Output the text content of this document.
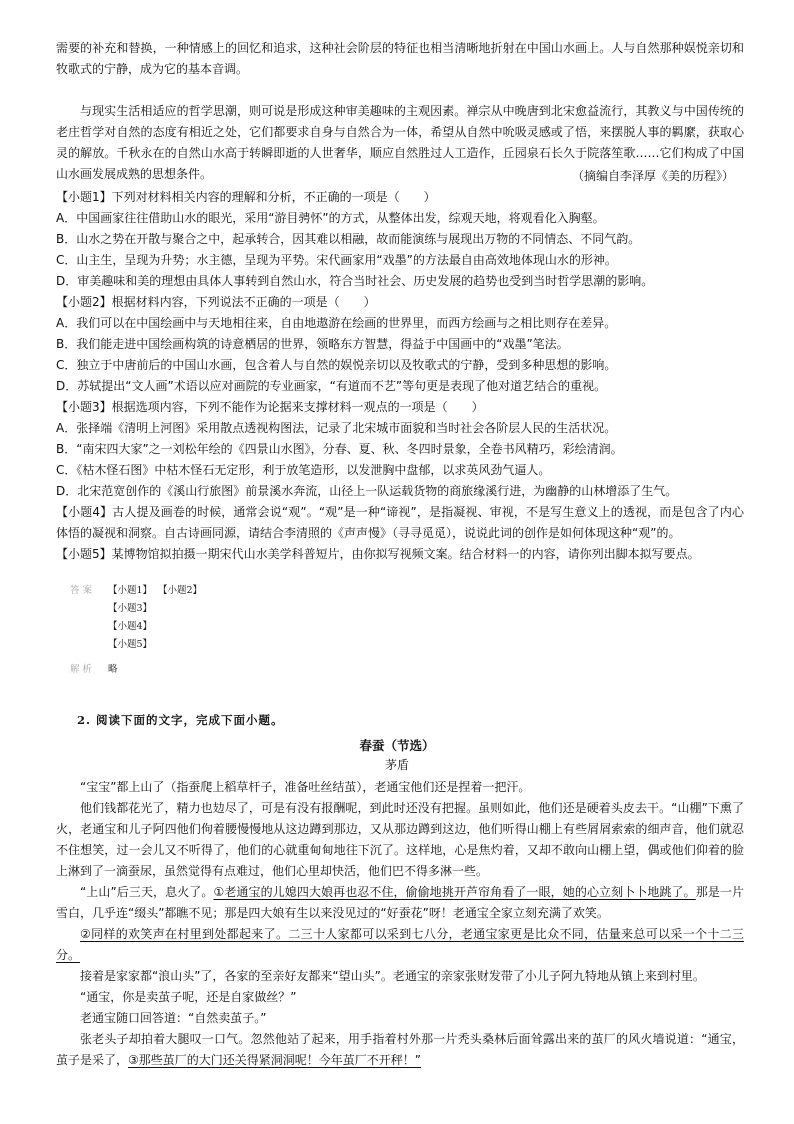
需要的补充和替换，一种情感上的回忆和追求，这种社会阶层的特征也相当清晰地折射在中国山水画上。人与自然那种娱悦亲切和牧歌式的宁静，成为它的基本音调。
与现实生活相适应的哲学思潮，则可说是形成这种审美趣味的主观因素。禅宗从中晚唐到北宋愈益流行，其教义与中国传统的老庄哲学对自然的态度有相近之处，它们都要求自身与自然合为一体，希望从自然中吮吸灵感或了悟，来摆脱人事的羁縻，获取心灵的解放。千秋永在的自然山水高于转瞬即逝的人世奢华，顺应自然胜过人工造作，丘园泉石长久于院落笙歌……它们构成了中国山水画发展成熟的思想条件。	（摘编自李泽厚《美的历程》）
【小题1】下列对材料相关内容的理解和分析，不正确的一项是（　　）
A．中国画家往往借助山水的眼光，采用“游目骋怀”的方式，从整体出发，综观天地，将观看化入胸壑。
B．山水之势在开散与聚合之中，起承转合，因其难以相融，故而能演练与展现出万物的不同情态、不同气韵。
C．山主生，呈现为升势；水主德，呈现为平势。宋代画家用“戏墨”的方法最自由高效地体现山水的形神。
D．审美趣味和美的理想由具体人事转到自然山水，符合当时社会、历史发展的趋势也受到当时哲学思潮的影响。
【小题2】根据材料内容，下列说法不正确的一项是（　　）
A．我们可以在中国绘画中与天地相往来，自由地遨游在绘画的世界里，而西方绘画与之相比则存在差异。
B．我们能走进中国绘画构筑的诗意栖居的世界，领略东方智慧，得益于中国画中的“戏墨”笔法。
C．独立于中唐前后的中国山水画，包含着人与自然的娱悦亲切以及牧歌式的宁静，受到多种思想的影响。
D．苏轼提出“文人画”术语以应对画院的专业画家，“有道而不艺”等句更是表现了他对道艺结合的重视。
【小题3】根据选项内容，下列不能作为论据来支撑材料一观点的一项是（　　）
A．张择端《清明上河图》采用散点透视构图法，记录了北宋城市面貌和当时社会各阶层人民的生活状况。
B．“南宋四大家”之一刘松年绘的《四景山水图》，分春、夏、秋、冬四时景象，全卷书风精巧，彩绘清润。
C．《枯木怪石图》中枯木怪石无定形，利于放笔造形，以发泄胸中盘郁，以求英风劲气逼人。
D．北宋范宽创作的《溪山行旅图》前景溪水奔流，山径上一队运载货物的商旅缘溪行进，为幽静的山林增添了生气。
【小题4】古人提及画卷的时候，通常会说“观”。“观”是一种“谛视”，是指凝视、审视，不是写生意义上的透视，而是包含了内心体悟的凝视和洞察。自古诗画同源，请结合李清照的《声声慢》（寻寻觅觅），说说此词的创作是如何体现这种“观”的。
【小题5】某博物馆拟拍摄一期宋代山水美学科普短片，由你拟写视频文案。结合材料一的内容，请你列出脚本拟写要点。
答案 【小题1】 【小题2】
【小题3】
【小题4】
【小题5】
解析 略
2. 阅读下面的文字，完成下面小题。
春蚕（节选）
茅盾
“宝宝”都上山了（指蚕爬上稻草杆子，准备吐丝结茧），老通宝他们还是捏着一把汗。
他们钱都花光了，精力也攰尽了，可是有没有报酬呢，到此时还没有把握。虽则如此，他们还是硬着头皮去干。“山棚”下熏了火，老通宝和儿子阿四他们佝着腰慢慢地从这边蹲到那边，又从那边蹲到这边，他们听得山棚上有些屑屑索索的细声音，他们就忍不住想笑，过一会儿又不听得了，他们的心就重甸甸地往下沉了。这样地，心是焦灼着，又却不敢向山棚上望，偶或他们仰着的脸上淋到了一滴蚕尿，虽然觉得有点难过，他们心里却快活，他们巴不得多淋一些。
“上山”后三天，息火了。①老通宝的儿媳四大娘再也忍不住，偷偷地挑开芦帘角看了一眼，她的心立刻卜卜地跳了。那是一片雪白，几乎连“缀头”都瞧不见；那是四大娘有生以来没见过的“好蚕花”呀！老通宝全家立刻充满了欢笑。
②同样的欢笑声在村里到处都起来了。二三十人家都可以采到七八分，老通宝家更是比众不同，估量来总可以采一个十二三分。
接着是家家都“浪山头”了，各家的至亲好友都来“望山头”。老通宝的亲家张财发带了小儿子阿九特地从镇上来到村里。
“通宝，你是卖茧子呢，还是自家做丝？”
老通宝随口回答道：“自然卖茧子。”
张老头子却拍着大腿叹一口气。忽然他站了起来，用手指着村外那一片秃头桑林后面耸露出来的茧厂的风火墙说道：“通宝，茧子是采了，③那些茧厂的大门还关得紧洞洞呢！今年茧厂不开秤！”
